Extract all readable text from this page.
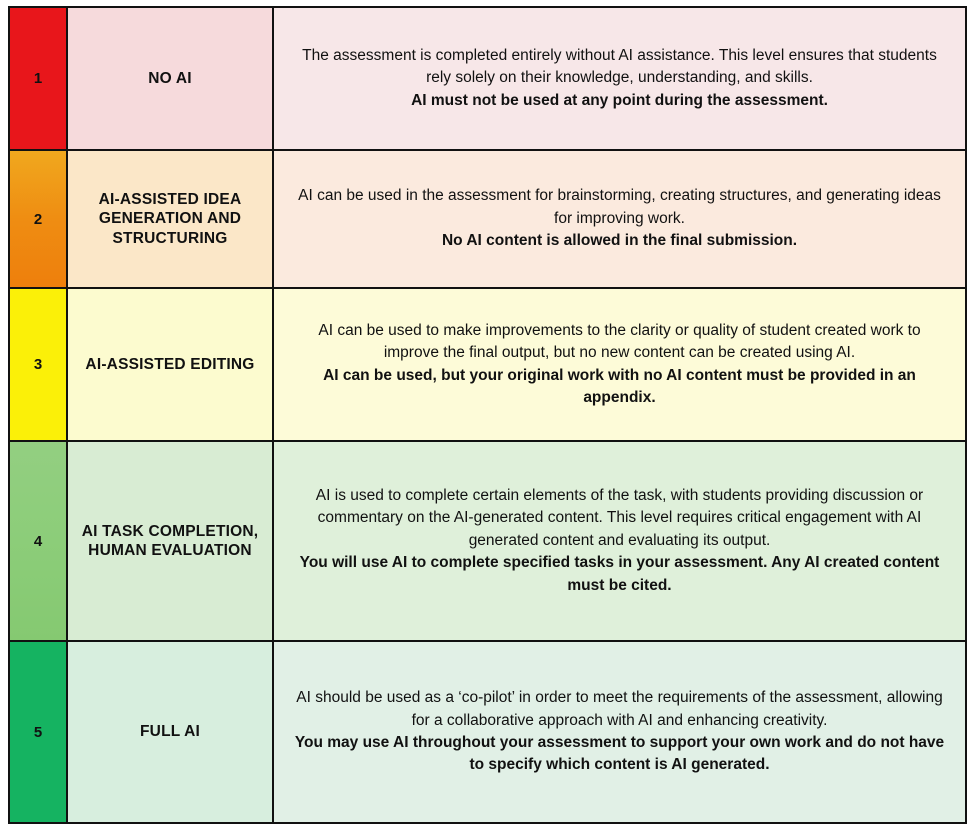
1	NO AI	The assessment is completed entirely without AI assistance. This level ensures that students rely solely on their knowledge, understanding, and skills.

AI must not be used at any point during the assessment.

2	AI-ASSISTED IDEA GENERATION AND STRUCTURING	AI can be used in the assessment for brainstorming, creating structures, and generating ideas for improving work.

No AI content is allowed in the final submission.

3	AI-ASSISTED EDITING	AI can be used to make improvements to the clarity or quality of student created work to improve the final output, but no new content can be created using AI.

AI can be used, but your original work with no AI content must be provided in an appendix.

4	AI TASK COMPLETION, HUMAN EVALUATION	AI is used to complete certain elements of the task, with students providing discussion or commentary on the AI-generated content. This level requires critical engagement with AI generated content and evaluating its output.

You will use AI to complete specified tasks in your assessment. Any AI created content must be cited.

5	FULL AI	AI should be used as a ‘co-pilot’ in order to meet the requirements of the assessment, allowing for a collaborative approach with AI and enhancing creativity.

You may use AI throughout your assessment to support your own work and do not have to specify which content is AI generated.
